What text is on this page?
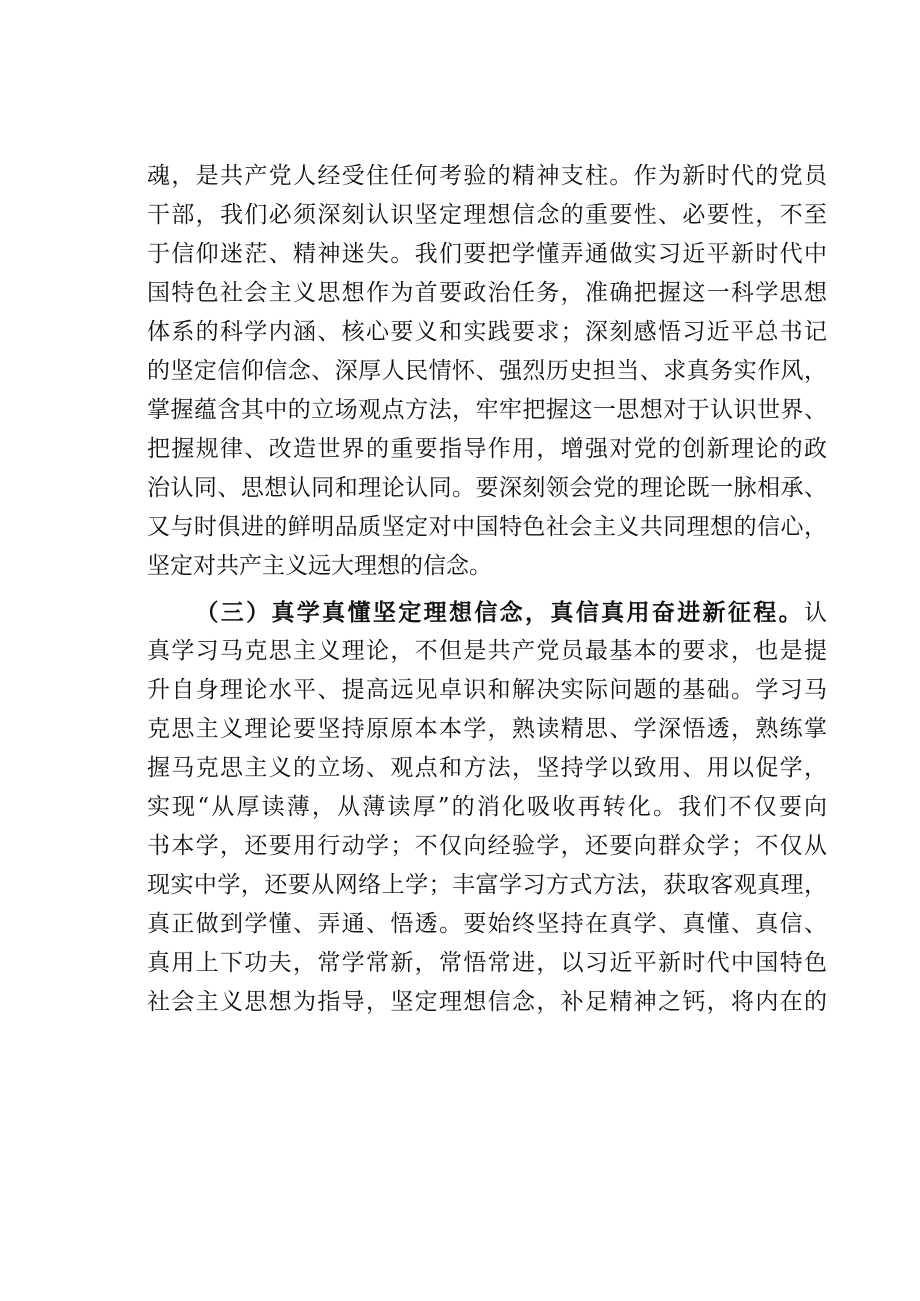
魂，是共产党人经受住任何考验的精神支柱。作为新时代的党员
干部，我们必须深刻认识坚定理想信念的重要性、必要性，不至
于信仰迷茫、精神迷失。我们要把学懂弄通做实习近平新时代中
国特色社会主义思想作为首要政治任务，准确把握这一科学思想
体系的科学内涵、核心要义和实践要求；深刻感悟习近平总书记
的坚定信仰信念、深厚人民情怀、强烈历史担当、求真务实作风，
掌握蕴含其中的立场观点方法，牢牢把握这一思想对于认识世界、
把握规律、改造世界的重要指导作用，增强对党的创新理论的政
治认同、思想认同和理论认同。要深刻领会党的理论既一脉相承、
又与时俱进的鲜明品质坚定对中国特色社会主义共同理想的信心，
坚定对共产主义远大理想的信念。
（三）真学真懂坚定理想信念，真信真用奋进新征程。认
真学习马克思主义理论，不但是共产党员最基本的要求，也是提
升自身理论水平、提高远见卓识和解决实际问题的基础。学习马
克思主义理论要坚持原原本本学，熟读精思、学深悟透，熟练掌
握马克思主义的立场、观点和方法，坚持学以致用、用以促学，
实现“从厚读薄，从薄读厚”的消化吸收再转化。我们不仅要向
书本学，还要用行动学；不仅向经验学，还要向群众学；不仅从
现实中学，还要从网络上学；丰富学习方式方法，获取客观真理，
真正做到学懂、弄通、悟透。要始终坚持在真学、真懂、真信、
真用上下功夫，常学常新，常悟常进，以习近平新时代中国特色
社会主义思想为指导，坚定理想信念，补足精神之钙，将内在的
